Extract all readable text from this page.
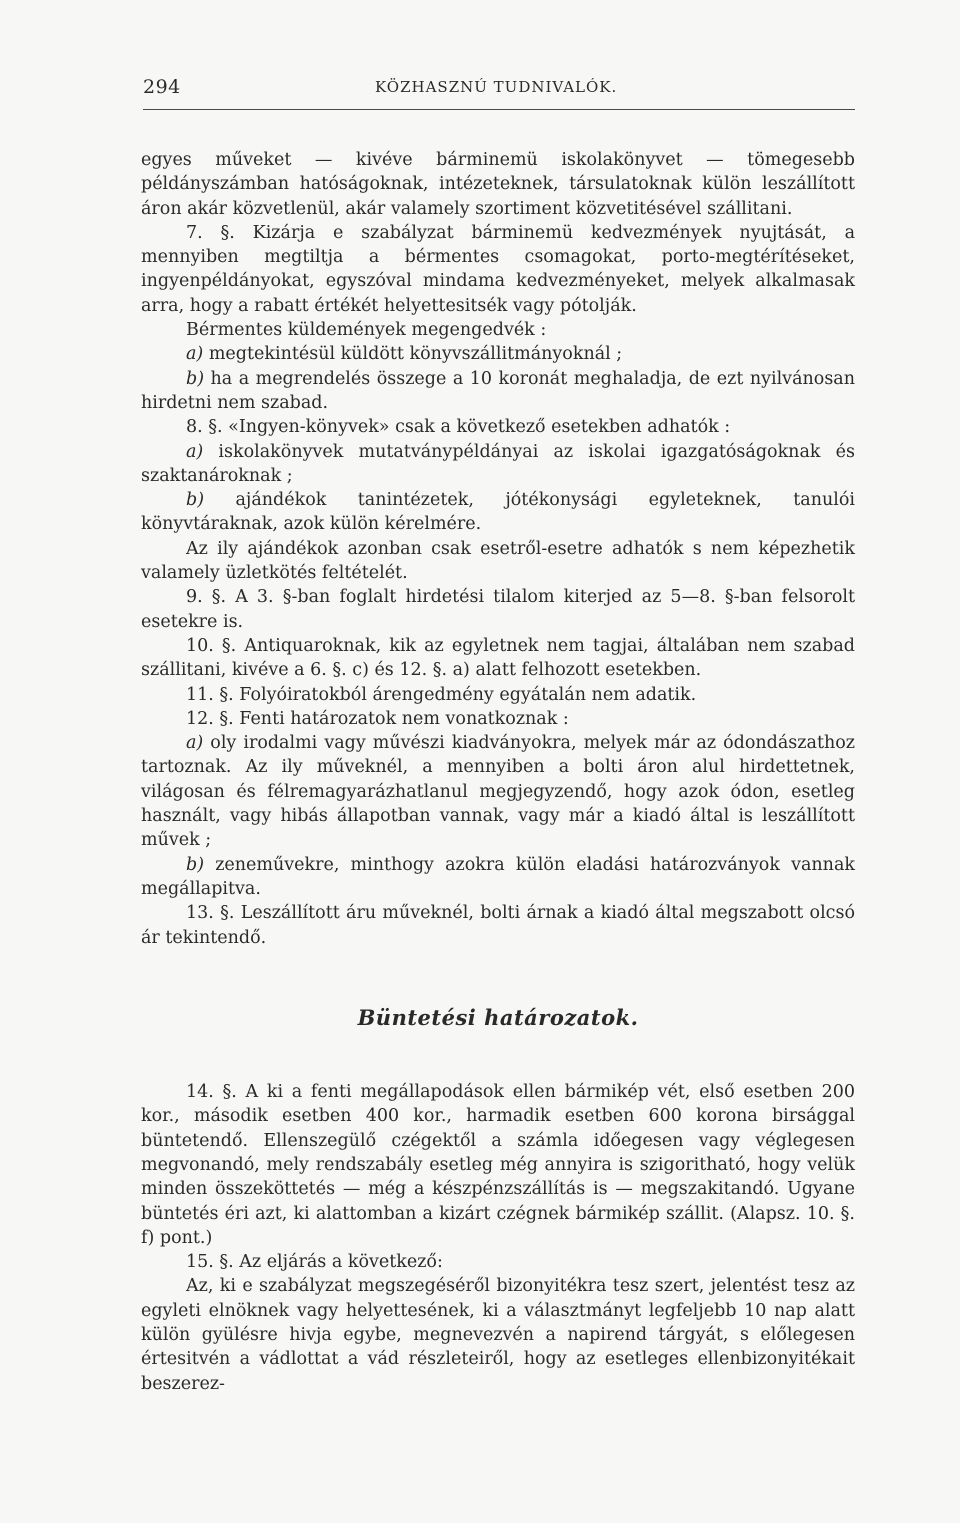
294	KÖZHASZNÚ TUDNIVALÓK.

egyes műveket — kivéve bárminemü iskolakönyvet — tömegesebb példányszámban hatóságoknak, intézeteknek, társulatoknak külön leszállított áron akár közvetlenül, akár valamely szortiment közvetitésével szállitani.

7. §. Kizárja e szabályzat bárminemü kedvezmények nyujtását, a mennyiben megtiltja a bérmentes csomagokat, porto-megtérítéseket, ingyenpéldányokat, egyszóval mindama kedvezményeket, melyek alkalmasak arra, hogy a rabatt értékét helyettesitsék vagy pótolják.

Bérmentes küldemények megengedvék :

a) megtekintésül küldött könyvszállitmányoknál ;

b) ha a megrendelés összege a 10 koronát meghaladja, de ezt nyilvánosan hirdetni nem szabad.

8. §. «Ingyen-könyvek» csak a következő esetekben adhatók :

a) iskolakönyvek mutatványpéldányai az iskolai igazgatóságoknak és szaktanároknak ;

b) ajándékok tanintézetek, jótékonysági egyleteknek, tanulói könyvtáraknak, azok külön kérelmére.

Az ily ajándékok azonban csak esetről-esetre adhatók s nem képezhetik valamely üzletkötés feltételét.

9. §. A 3. §-ban foglalt hirdetési tilalom kiterjed az 5—8. §-ban felsorolt esetekre is.

10. §. Antiquaroknak, kik az egyletnek nem tagjai, általában nem szabad szállitani, kivéve a 6. §. c) és 12. §. a) alatt felhozott esetekben.

11. §. Folyóiratokból árengedmény egyátalán nem adatik.

12. §. Fenti határozatok nem vonatkoznak :

a) oly irodalmi vagy művészi kiadványokra, melyek már az ódondászathoz tartoznak. Az ily műveknél, a mennyiben a bolti áron alul hirdettetnek, világosan és félremagyarázhatlanul megjegyzendő, hogy azok ódon, esetleg használt, vagy hibás állapotban vannak, vagy már a kiadó által is leszállított művek ;

b) zeneművekre, minthogy azokra külön eladási határozványok vannak megállapitva.

13. §. Leszállított áru műveknél, bolti árnak a kiadó által megszabott olcsó ár tekintendő.

Büntetési határozatok.

14. §. A ki a fenti megállapodások ellen bármikép vét, első esetben 200 kor., második esetben 400 kor., harmadik esetben 600 korona birsággal büntetendő. Ellenszegülő czégektől a számla időegesen vagy véglegesen megvonandó, mely rendszabály esetleg még annyira is szigoritható, hogy velük minden összeköttetés — még a készpénzszállítás is — megszakitandó. Ugyane büntetés éri azt, ki alattomban a kizárt czégnek bármikép szállit. (Alapsz. 10. §. f) pont.)

15. §. Az eljárás a következő:

Az, ki e szabályzat megszegéséről bizonyitékra tesz szert, jelentést tesz az egyleti elnöknek vagy helyettesének, ki a választmányt legfeljebb 10 nap alatt külön gyülésre hivja egybe, megnevezvén a napirend tárgyát, s előlegesen értesitvén a vádlottat a vád részleteiről, hogy az esetleges ellenbizonyitékait beszerez-
